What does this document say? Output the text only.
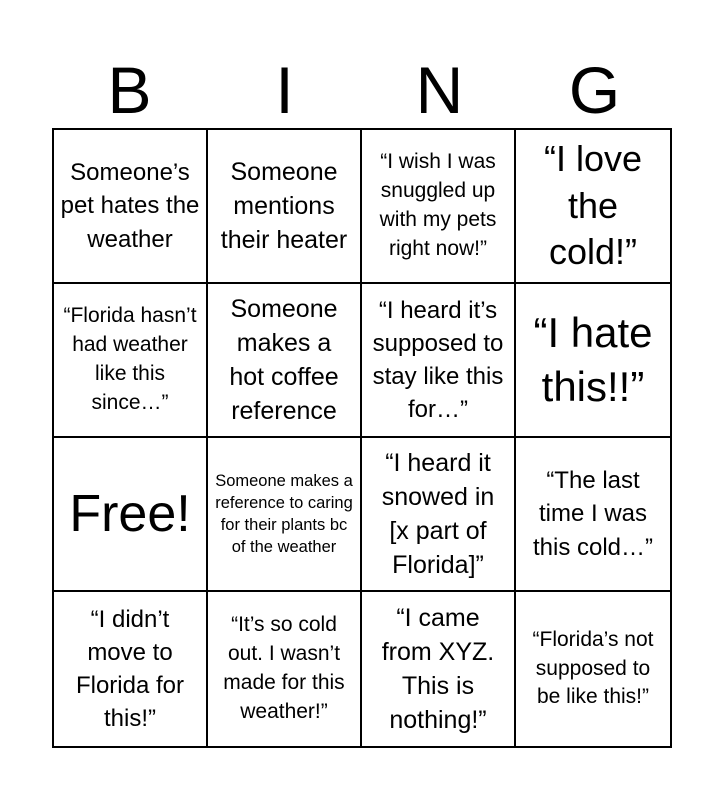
B	I	N	G
Someone’s pet hates the weather
Someone mentions their heater
“I wish I was snuggled up with my pets right now!”
“I love the cold!”
“Florida hasn’t had weather like this since…”
Someone makes a hot coffee reference
“I heard it’s supposed to stay like this for…”
“I hate this!!”
Free!
Someone makes a reference to caring for their plants bc of the weather
“I heard it snowed in [x part of Florida]”
“The last time I was this cold…”
“I didn’t move to Florida for this!”
“It’s so cold out. I wasn’t made for this weather!”
“I came from XYZ. This is nothing!”
“Florida’s not supposed to be like this!”
